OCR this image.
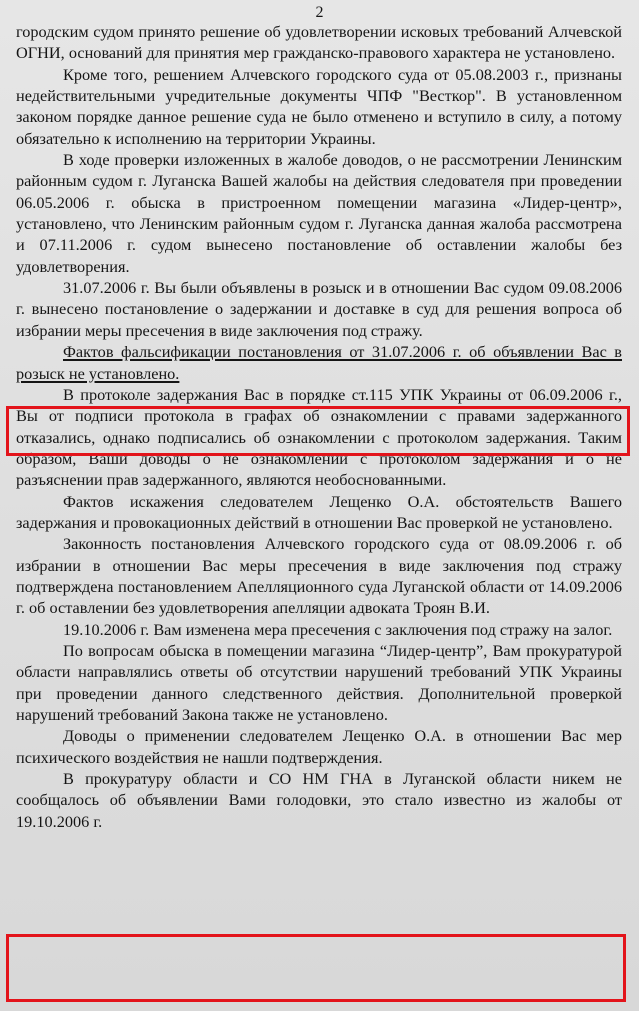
2

городским судом принято решение об удовлетворении исковых требований Алчевской ОГНИ, оснований для принятия мер гражданско-правового характера не установлено.

Кроме того, решением Алчевского городского суда от 05.08.2003 г., признаны недействительными учредительные документы ЧПФ "Весткор". В установленном законом порядке данное решение суда не было отменено и вступило в силу, а потому обязательно к исполнению на территории Украины.

В ходе проверки изложенных в жалобе доводов, о не рассмотрении Ленинским районным судом г. Луганска Вашей жалобы на действия следователя при проведении 06.05.2006 г. обыска в пристроенном помещении магазина «Лидер-центр», установлено, что Ленинским районным судом г. Луганска данная жалоба рассмотрена и 07.11.2006 г. судом вынесено постановление об оставлении жалобы без удовлетворения.

31.07.2006 г. Вы были объявлены в розыск и в отношении Вас судом 09.08.2006 г. вынесено постановление о задержании и доставке в суд для решения вопроса об избрании меры пресечения в виде заключения под стражу.

Фактов фальсификации постановления от 31.07.2006 г. об объявлении Вас в розыск не установлено.

В протоколе задержания Вас в порядке ст.115 УПК Украины от 06.09.2006 г., Вы от подписи протокола в графах об ознакомлении с правами задержанного отказались, однако подписались об ознакомлении с протоколом задержания. Таким образом, Ваши доводы о не ознакомлении с протоколом задержания и о не разъяснении прав задержанного, являются необоснованными.

Фактов искажения следователем Лещенко О.А. обстоятельств Вашего задержания и провокационных действий в отношении Вас проверкой не установлено.

Законность постановления Алчевского городского суда от 08.09.2006 г. об избрании в отношении Вас меры пресечения в виде заключения под стражу подтверждена постановлением Апелляционного суда Луганской области от 14.09.2006 г. об оставлении без удовлетворения апелляции адвоката Троян В.И.

19.10.2006 г. Вам изменена мера пресечения с заключения под стражу на залог.

По вопросам обыска в помещении магазина “Лидер-центр”, Вам прокуратурой области направлялись ответы об отсутствии нарушений требований УПК Украины при проведении данного следственного действия. Дополнительной проверкой нарушений требований Закона также не установлено.

Доводы о применении следователем Лещенко О.А. в отношении Вас мер психического воздействия не нашли подтверждения.

В прокуратуру области и СО НМ ГНА в Луганской области никем не сообщалось об объявлении Вами голодовки, это стало известно из жалобы от 19.10.2006 г.
